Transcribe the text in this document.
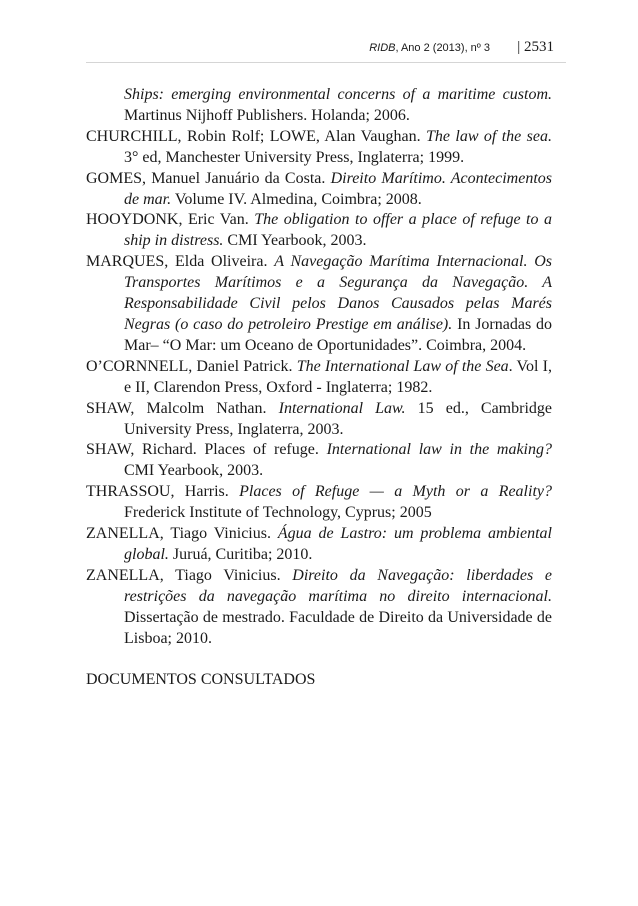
RIDB, Ano 2 (2013), nº 3 | 2531

Ships: emerging environmental concerns of a maritime custom. Martinus Nijhoff Publishers. Holanda; 2006.

CHURCHILL, Robin Rolf; LOWE, Alan Vaughan. The law of the sea. 3° ed, Manchester University Press, Inglaterra; 1999.

GOMES, Manuel Januário da Costa. Direito Marítimo. Acontecimentos de mar. Volume IV. Almedina, Coimbra; 2008.

HOOYDONK, Eric Van. The obligation to offer a place of refuge to a ship in distress. CMI Yearbook, 2003.

MARQUES, Elda Oliveira. A Navegação Marítima Internacional. Os Transportes Marítimos e a Segurança da Navegação. A Responsabilidade Civil pelos Danos Causados pelas Marés Negras (o caso do petroleiro Prestige em análise). In Jornadas do Mar– “O Mar: um Oceano de Oportunidades”. Coimbra, 2004.

O’CORNNELL, Daniel Patrick. The International Law of the Sea. Vol I, e II, Clarendon Press, Oxford - Inglaterra; 1982.

SHAW, Malcolm Nathan. International Law. 15 ed., Cambridge University Press, Inglaterra, 2003.

SHAW, Richard. Places of refuge. International law in the making? CMI Yearbook, 2003.

THRASSOU, Harris. Places of Refuge — a Myth or a Reality? Frederick Institute of Technology, Cyprus; 2005

ZANELLA, Tiago Vinicius. Água de Lastro: um problema ambiental global. Juruá, Curitiba; 2010.

ZANELLA, Tiago Vinicius. Direito da Navegação: liberdades e restrições da navegação marítima no direito internacional. Dissertação de mestrado. Faculdade de Direito da Universidade de Lisboa; 2010.

DOCUMENTOS CONSULTADOS
